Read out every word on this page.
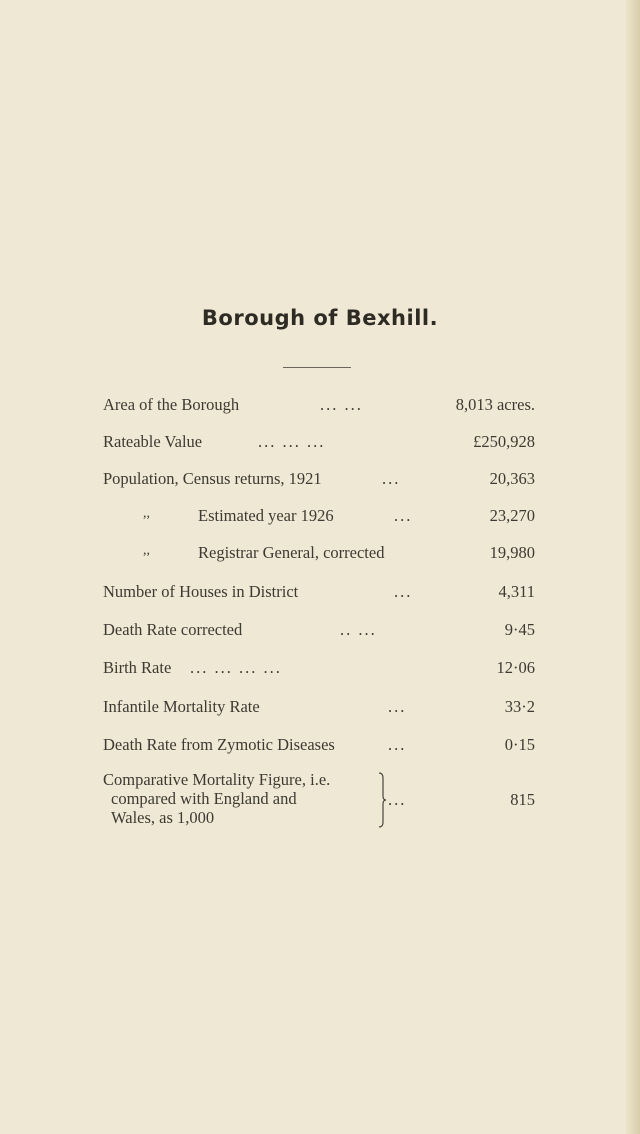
Borough of Bexhill.
Area of the Borough	... ...	8,013 acres.
Rateable Value	... ... ...	£250,928
Population, Census returns, 1921	...	20,363
,,	Estimated year 1926	...	23,270
,,	Registrar General, corrected	19,980
Number of Houses in District	...	4,311
Death Rate corrected	.. ...	9·45
Birth Rate ... ... ... ...	12·06
Infantile Mortality Rate	...	33·2
Death Rate from Zymotic Diseases	...	0·15
Comparative Mortality Figure, i.e.
compared with England and
Wales, as 1,000
...	815
